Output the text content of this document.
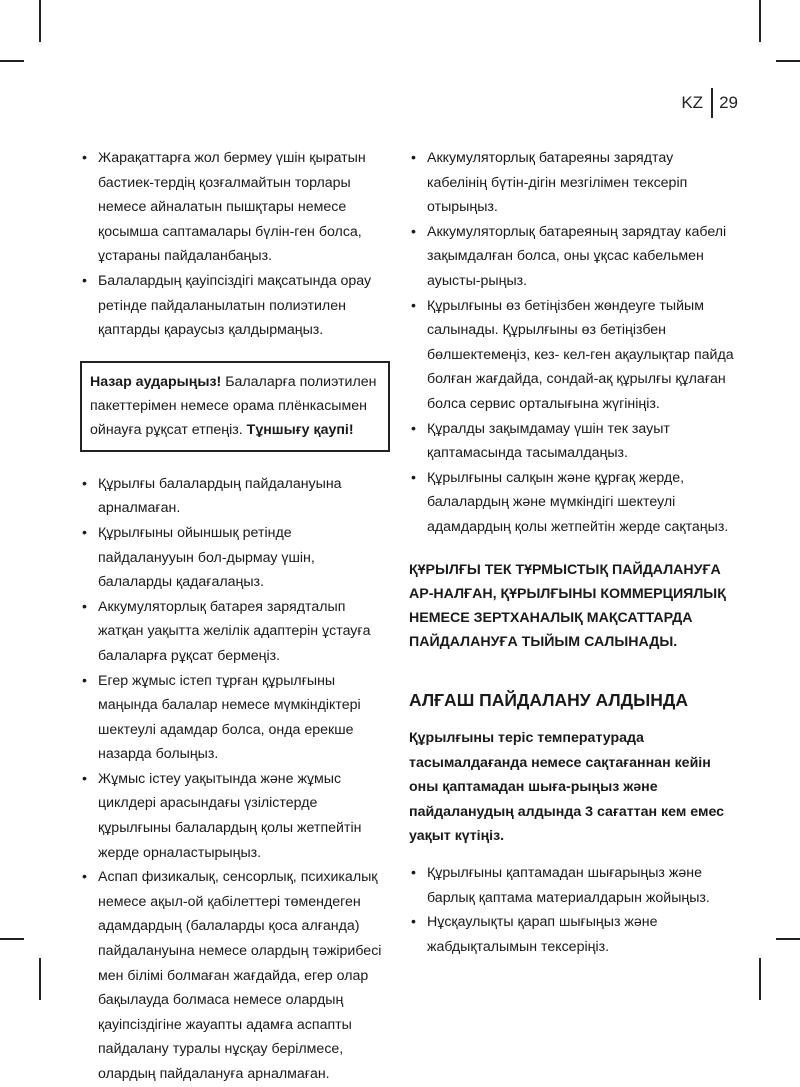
KZ 29
• Жарақаттарға жол бермеу үшін қыратын бастиек-тердің қозғалмайтын торлары немесе айналатын пышқтары немесе қосымша саптамалары бүлін-ген болса, ұстараны пайдаланбаңыз.
• Балалардың қауіпсіздігі мақсатында орау ретінде пайдаланылатын полиэтилен қаптарды қараусыз қалдырмаңыз.
Назар аударыңыз! Балаларға полиэтилен пакеттерімен немесе орама плёнкасымен ойнауға рұқсат етпеңіз. Тұншығу қаупі!
• Құрылғы балалардың пайдалануына арналмаған.
• Құрылғыны ойыншық ретінде пайдаланууын бол-дырмау үшін, балаларды қадағалаңыз.
• Аккумуляторлық батарея зарядталып жатқан уақытта желілік адаптерін ұстауға балаларға рұқсат бермеңіз.
• Егер жұмыс істеп тұрған құрылғыны маңында балалар немесе мүмкіндіктері шектеулі адамдар болса, онда ерекше назарда болыңыз.
• Жұмыс істеу уақытында және жұмыс циклдері арасындағы үзілістерде құрылғыны балалардың қолы жетпейтін жерде орналастырыңыз.
• Аспап физикалық, сенсорлық, психикалық немесе ақыл-ой қабілеттері төмендеген адамдардың (балаларды қоса алғанда) пайдалануына немесе олардың тәжірибесі мен білімі болмаған жағдайда, егер олар бақылауда болмаса немесе олардың қауіпсіздігіне жауапты адамға аспапты пайдалану туралы нұсқау берілмесе, олардың пайдалануға арналмаған.
• Аккумуляторлық батареяны зарядтау кабелінің бүтін-дігін мезгілімен тексеріп отырыңыз.
• Аккумуляторлық батареяның зарядтау кабелі зақымдалған болса, оны ұқсас кабельмен ауысты-рыңыз.
• Құрылғыны өз бетіңізбен жөндеуге тыйым салынады. Құрылғыны өз бетіңізбен бөлшектемеңіз, кез- кел-ген ақаулықтар пайда болған жағдайда, сондай-ақ құрылғы құлаған болса сервис орталығына жүгініңіз.
• Құралды зақымдамау үшін тек зауыт қаптамасында тасымалдаңыз.
• Құрылғыны салқын және құрғақ жерде, балалардың және мүмкіндігі шектеулі адамдардың қолы жетпейтін жерде сақтаңыз.
ҚҰРЫЛҒЫ ТЕК ТҰРМЫСТЫҚ ПАЙДАЛАНУҒА АР-НАЛҒАН, ҚҰРЫЛҒЫНЫ КОММЕРЦИЯЛЫҚ НЕМЕСЕ ЗЕРТХАНАЛЫҚ МАҚСАТТАРДА ПАЙДАЛАНУҒА ТЫЙЫМ САЛЫНАДЫ.
АЛҒАШ ПАЙДАЛАНУ АЛДЫНДА
Құрылғыны теріс температурада тасымалдағанда немесе сақтағаннан кейін оны қаптамадан шыға-рыңыз және пайдаланудың алдында 3 сағаттан кем емес уақыт күтіңіз.
• Құрылғыны қаптамадан шығарыңыз және барлық қаптама материалдарын жойыңыз.
• Нұсқаулықты қарап шығыңыз және жабдықталымын тексеріңіз.
